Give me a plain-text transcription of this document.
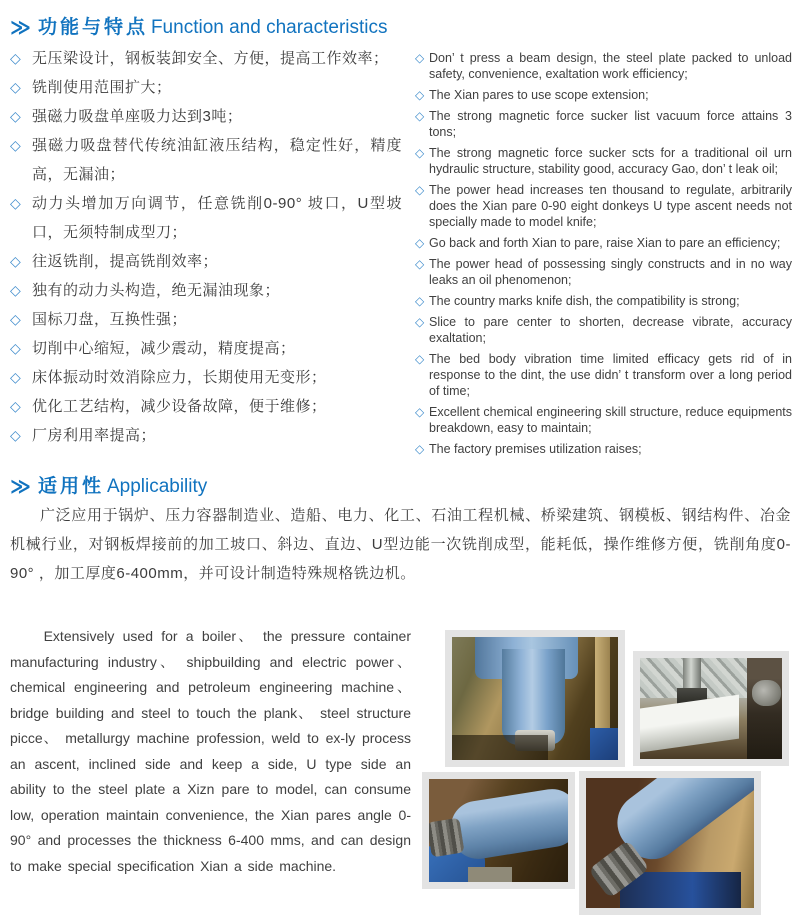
≫ 功能与特点 Function and characteristics
◇ 无压梁设计，钢板装卸安全、方便，提高工作效率；
◇ 铣削使用范围扩大；
◇ 强磁力吸盘单座吸力达到3吨；
◇ 强磁力吸盘替代传统油缸液压结构，稳定性好，精度高，无漏油；
◇ 动力头增加万向调节，任意铣削0-90° 坡口，U型坡口，无须特制成型刀；
◇ 往返铣削，提高铣削效率；
◇ 独有的动力头构造，绝无漏油现象；
◇ 国标刀盘，互换性强；
◇ 切削中心缩短，减少震动，精度提高；
◇ 床体振动时效消除应力，长期使用无变形；
◇ 优化工艺结构，减少设备故障，便于维修；
◇ 厂房利用率提高；
◇ Don’ t press a beam design, the steel plate packed to unload safety, convenience, exaltation work efficiency;
◇ The Xian pares to use scope extension;
◇ The strong magnetic force sucker list vacuum force attains 3 tons;
◇ The strong magnetic force sucker scts for a traditional oil urn hydraulic structure, stability good, accuracy Gao, don’ t leak oil;
◇ The power head increases ten thousand to regulate, arbitrarily does the Xian pare 0-90 eight donkeys U type ascent needs not specially made to model knife;
◇ Go back and forth Xian to pare, raise Xian to pare an efficiency;
◇ The power head of possessing singly constructs and in no way leaks an oil phenomenon;
◇ The country marks knife dish, the compatibility is strong;
◇ Slice to pare center to shorten, decrease vibrate, accuracy exaltation;
◇ The bed body vibration time limited efficacy gets rid of in response to the dint, the use didn’ t transform over a long period of time;
◇ Excellent chemical engineering skill structure, reduce equipments breakdown, easy to maintain;
◇ The factory premises utilization raises;
≫ 适用性 Applicability

广泛应用于锅炉、压力容器制造业、造船、电力、化工、石油工程机械、桥梁建筑、钢模板、钢结构件、冶金机械行业，对钢板焊接前的加工坡口、斜边、直边、U型边能一次铣削成型，能耗低，操作维修方便，铣削角度0-90° ，加工厚度6-400mm，并可设计制造特殊规格铣边机。

Extensively used for a boiler、 the pressure container manufacturing industry、 shipbuilding and electric power、 chemical engineering and petroleum engineering machine、 bridge building and steel to touch the plank、 steel structure picce、 metallurgy machine profession, weld to ex-ly process an ascent, inclined side and keep a side, U type side an ability to the steel plate a Xizn pare to model, can consume low, operation maintain convenience, the Xian pares angle 0-90° and processes the thickness 6-400 mms, and can design to make special specification Xian a side machine.
